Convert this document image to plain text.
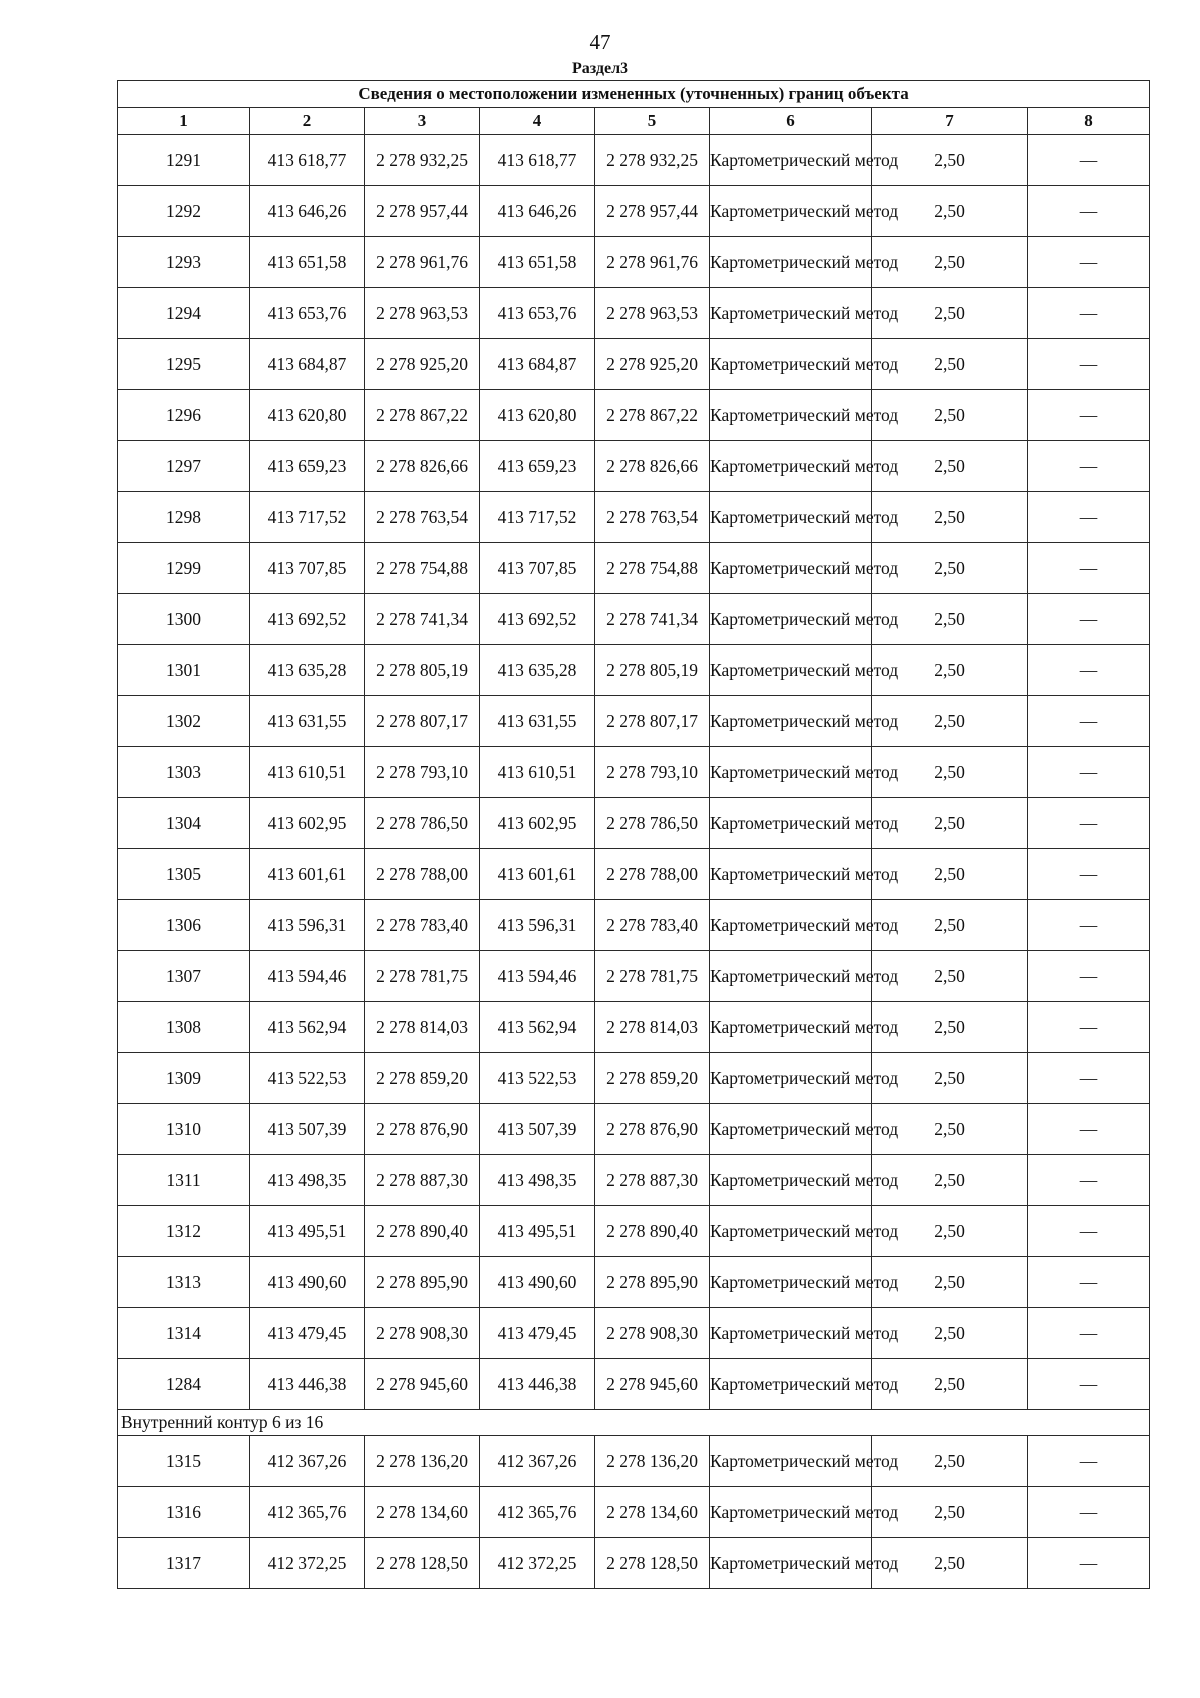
47
Раздел3
Сведения о местоположении измененных (уточненных) границ объекта							
1	2	3	4	5	6	7	8
1291	413 618,77	2 278 932,25	413 618,77	2 278 932,25	Картометрический метод	2,50	—
1292	413 646,26	2 278 957,44	413 646,26	2 278 957,44	Картометрический метод	2,50	—
1293	413 651,58	2 278 961,76	413 651,58	2 278 961,76	Картометрический метод	2,50	—
1294	413 653,76	2 278 963,53	413 653,76	2 278 963,53	Картометрический метод	2,50	—
1295	413 684,87	2 278 925,20	413 684,87	2 278 925,20	Картометрический метод	2,50	—
1296	413 620,80	2 278 867,22	413 620,80	2 278 867,22	Картометрический метод	2,50	—
1297	413 659,23	2 278 826,66	413 659,23	2 278 826,66	Картометрический метод	2,50	—
1298	413 717,52	2 278 763,54	413 717,52	2 278 763,54	Картометрический метод	2,50	—
1299	413 707,85	2 278 754,88	413 707,85	2 278 754,88	Картометрический метод	2,50	—
1300	413 692,52	2 278 741,34	413 692,52	2 278 741,34	Картометрический метод	2,50	—
1301	413 635,28	2 278 805,19	413 635,28	2 278 805,19	Картометрический метод	2,50	—
1302	413 631,55	2 278 807,17	413 631,55	2 278 807,17	Картометрический метод	2,50	—
1303	413 610,51	2 278 793,10	413 610,51	2 278 793,10	Картометрический метод	2,50	—
1304	413 602,95	2 278 786,50	413 602,95	2 278 786,50	Картометрический метод	2,50	—
1305	413 601,61	2 278 788,00	413 601,61	2 278 788,00	Картометрический метод	2,50	—
1306	413 596,31	2 278 783,40	413 596,31	2 278 783,40	Картометрический метод	2,50	—
1307	413 594,46	2 278 781,75	413 594,46	2 278 781,75	Картометрический метод	2,50	—
1308	413 562,94	2 278 814,03	413 562,94	2 278 814,03	Картометрический метод	2,50	—
1309	413 522,53	2 278 859,20	413 522,53	2 278 859,20	Картометрический метод	2,50	—
1310	413 507,39	2 278 876,90	413 507,39	2 278 876,90	Картометрический метод	2,50	—
1311	413 498,35	2 278 887,30	413 498,35	2 278 887,30	Картометрический метод	2,50	—
1312	413 495,51	2 278 890,40	413 495,51	2 278 890,40	Картометрический метод	2,50	—
1313	413 490,60	2 278 895,90	413 490,60	2 278 895,90	Картометрический метод	2,50	—
1314	413 479,45	2 278 908,30	413 479,45	2 278 908,30	Картометрический метод	2,50	—
1284	413 446,38	2 278 945,60	413 446,38	2 278 945,60	Картометрический метод	2,50	—
Внутренний контур 6 из 16							
1315	412 367,26	2 278 136,20	412 367,26	2 278 136,20	Картометрический метод	2,50	—
1316	412 365,76	2 278 134,60	412 365,76	2 278 134,60	Картометрический метод	2,50	—
1317	412 372,25	2 278 128,50	412 372,25	2 278 128,50	Картометрический метод	2,50	—
